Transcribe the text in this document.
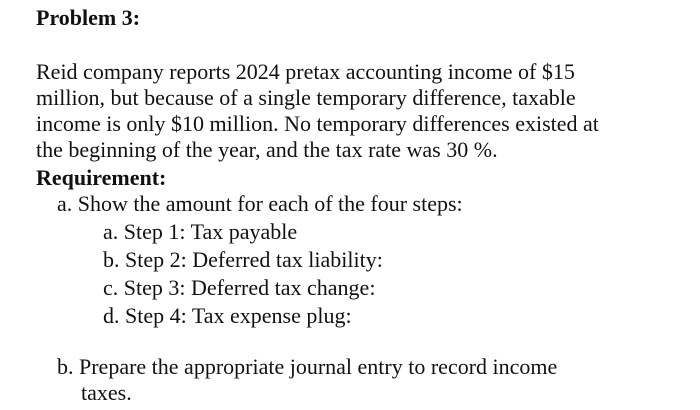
Problem 3:
Reid company reports 2024 pretax accounting income of $15
million, but because of a single temporary difference, taxable
income is only $10 million. No temporary differences existed at
the beginning of the year, and the tax rate was 30 %.
Requirement:
a. Show the amount for each of the four steps:
a. Step 1: Tax payable
b. Step 2: Deferred tax liability:
c. Step 3: Deferred tax change:
d. Step 4: Tax expense plug:
b. Prepare the appropriate journal entry to record income
taxes.
